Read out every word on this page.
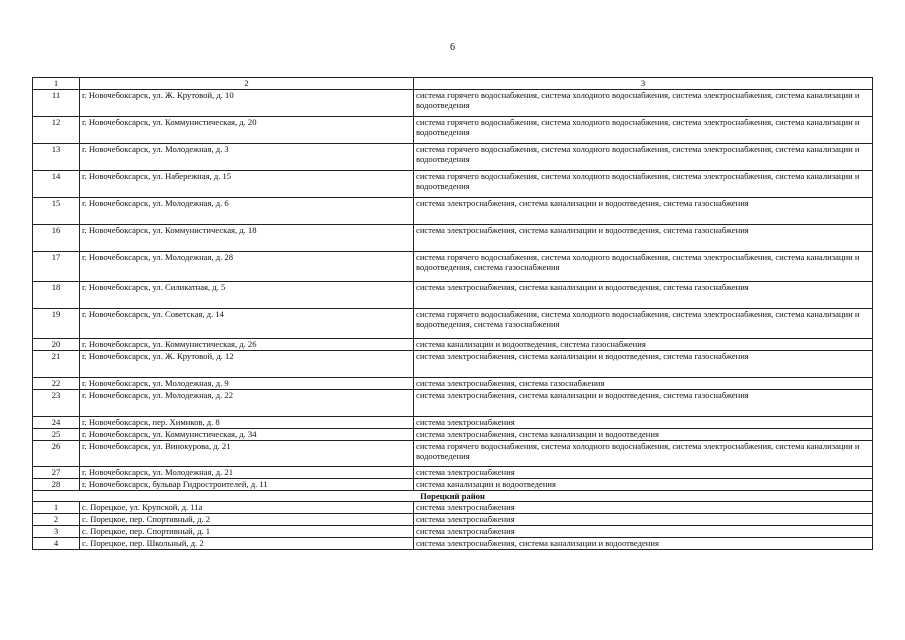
6
1	2	3
11	г. Новочебоксарск, ул. Ж. Крутовой, д. 10	система горячего водоснабжения, система холодного водоснабжения, система электроснабжения, система канализации и водоотведения
12	г. Новочебоксарск, ул. Коммунистическая, д. 20	система горячего водоснабжения, система холодного водоснабжения, система электроснабжения, система канализации и водоотведения
13	г. Новочебоксарск, ул. Молодежная, д. 3	система горячего водоснабжения, система холодного водоснабжения, система электроснабжения, система канализации и водоотведения
14	г. Новочебоксарск, ул. Набережная, д. 15	система горячего водоснабжения, система холодного водоснабжения, система электроснабжения, система канализации и водоотведения
15	г. Новочебоксарск, ул. Молодежная, д. 6	система электроснабжения, система канализации и водоотведения, система газоснабжения
16	г. Новочебоксарск, ул. Коммунистическая, д. 18	система электроснабжения, система канализации и водоотведения, система газоснабжения
17	г. Новочебоксарск, ул. Молодежная, д. 28	система горячего водоснабжения, система холодного водоснабжения, система электроснабжения, система канализации и водоотведения, система газоснабжения
18	г. Новочебоксарск, ул. Силикатная, д. 5	система электроснабжения, система канализации и водоотведения, система газоснабжения
19	г. Новочебоксарск, ул. Советская, д. 14	система горячего водоснабжения, система холодного водоснабжения, система электроснабжения, система канализации и водоотведения, система газоснабжения
20	г. Новочебоксарск, ул. Коммунистическая, д. 26	система канализации и водоотведения, система газоснабжения
21	г. Новочебоксарск, ул. Ж. Крутовой, д. 12	система электроснабжения, система канализации и водоотведения, система газоснабжения
22	г. Новочебоксарск, ул. Молодежная, д. 9	система электроснабжения, система газоснабжения
23	г. Новочебоксарск, ул. Молодежная, д. 22	система электроснабжения, система канализации и водоотведения, система газоснабжения
24	г. Новочебоксарск, пер. Химиков, д. 8	система электроснабжения
25	г. Новочебоксарск, ул. Коммунистическая, д. 34	система электроснабжения, система канализации и водоотведения
26	г. Новочебоксарск, ул. Винокурова, д. 21	система горячего водоснабжения, система холодного водоснабжения, система электроснабжения, система канализации и водоотведения
27	г. Новочебоксарск, ул. Молодежная, д. 21	система электроснабжения
28	г. Новочебоксарск, бульвар Гидростроителей, д. 11	система канализации и водоотведения
Порецкий район		
1	с. Порецкое, ул. Крупской, д. 11а	система электроснабжения
2	с. Порецкое, пер. Спортивный, д. 2	система электроснабжения
3	с. Порецкое, пер. Спортивный, д. 1	система электроснабжения
4	с. Порецкое, пер. Школьный, д. 2	система электроснабжения, система канализации и водоотведения
